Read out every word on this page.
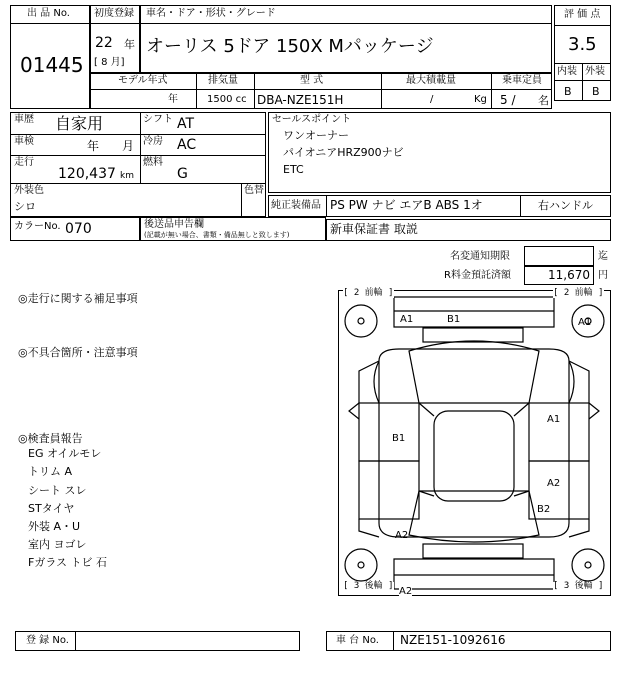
出 品 No.
01445
初度登録
22 年
[ 8 月]
車名・ドア・形状・グレード
オーリス 5ドア 150X Mパッケージ
モデル年式
年
排気量
1500 cc
型 式
DBA-NZE151H
最大積載量
/	Kg
乗車定員
5 / 名
評 価 点
3.5
内装 外装
B B
車歴 自家用	シフト AT
車検	年 月 冷房 AC
走行
120,437 km
燃料
G
外装色
シロ
色替
カラーNo. 070	後送品申告欄
(記載が無い場合、書類・備品無しと致します)
セールスポイント
ワンオーナー
パイオニアHRZ900ナビ
ETC
純正装備品 PS PW ナビ エアB ABS 1オ	右ハンドル
新車保証書 取説
名変通知期限	迄
R料金預託済額	11,670 円
◎走行に関する補足事項
◎不具合箇所・注意事項
◎検査員報告
EG オイルモレ
トリム A
シート スレ
STタイヤ
外装 A・U
室内 ヨゴレ
Fガラス トビ 石
[ 2 前輪 ]	[ 2 前輪 ]
[ 3 後輪 ]	[ 3 後輪 ]
A1	B1	A1
B1
A1
A2
B2
A2
A2
登 録 No.	車 台 No. NZE151-1092616
